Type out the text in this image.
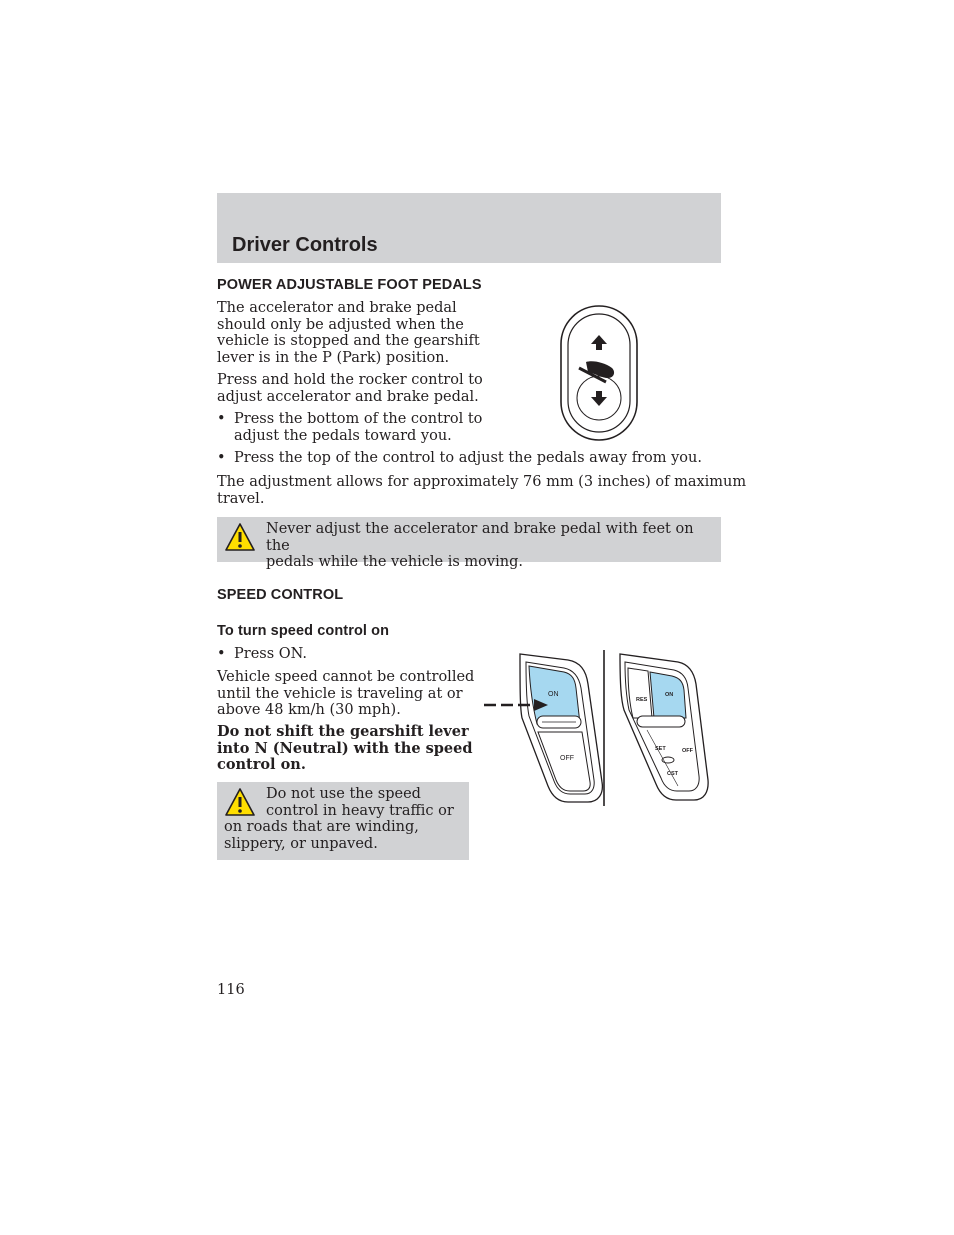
Driver Controls
POWER ADJUSTABLE FOOT PEDALS
The accelerator and brake pedal
should only be adjusted when the
vehicle is stopped and the gearshift
lever is in the P (Park) position.
Press and hold the rocker control to
adjust accelerator and brake pedal.
• Press the bottom of the control to
adjust the pedals toward you.
• Press the top of the control to adjust the pedals away from you.
The adjustment allows for approximately 76 mm (3 inches) of maximum
travel.
Never adjust the accelerator and brake pedal with feet on the
pedals while the vehicle is moving.
SPEED CONTROL
To turn speed control on
• Press ON.
Vehicle speed cannot be controlled
until the vehicle is traveling at or
above 48 km/h (30 mph).
Do not shift the gearshift lever
into N (Neutral) with the speed
control on.
Do not use the speed
control in heavy traffic or
on roads that are winding,
slippery, or unpaved.
ON
OFF
RES
ON
SET	OFF
CST

116
